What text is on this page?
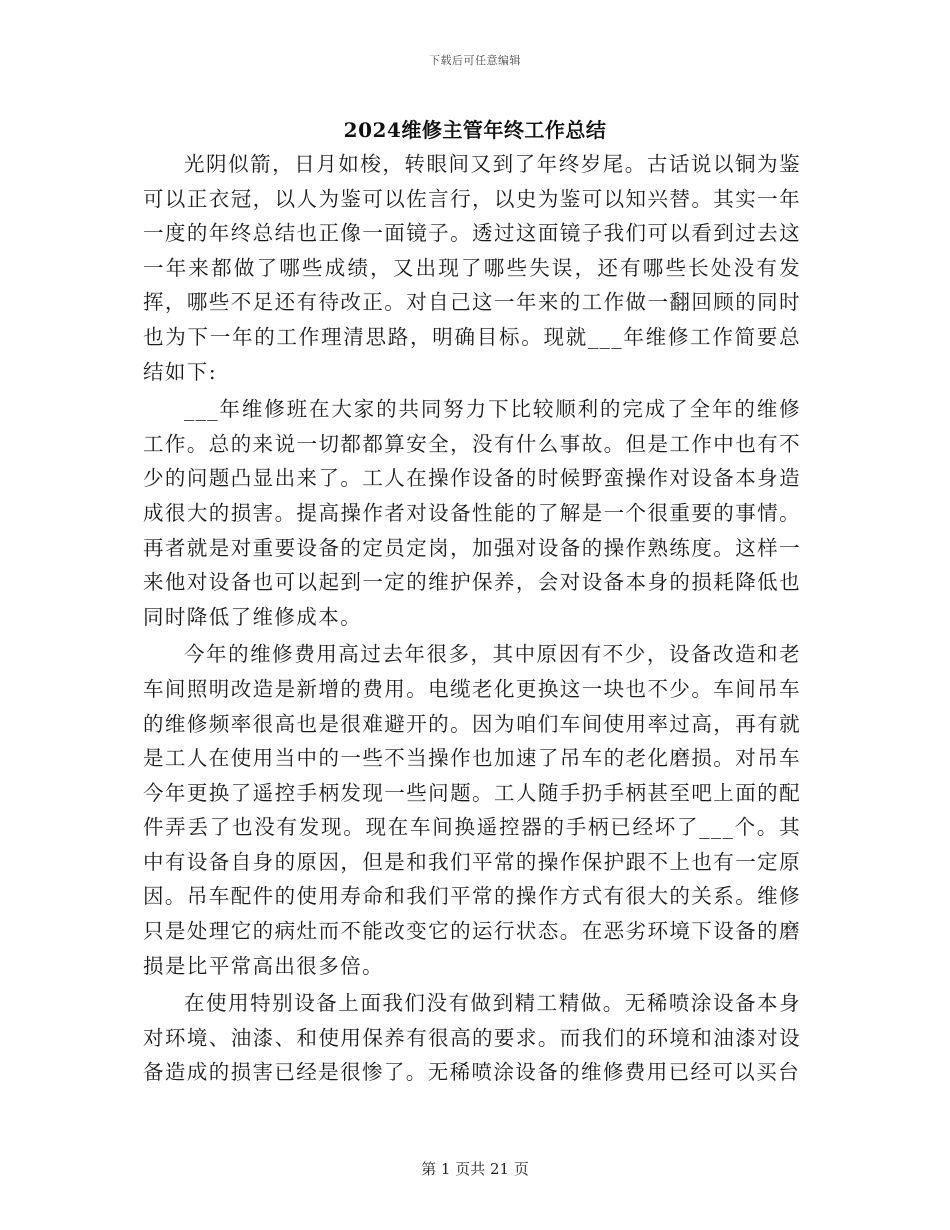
下载后可任意编辑
2024维修主管年终工作总结

光阴似箭，日月如梭，转眼间又到了年终岁尾。古话说以铜为鉴可以正衣冠，以人为鉴可以佐言行，以史为鉴可以知兴替。其实一年一度的年终总结也正像一面镜子。透过这面镜子我们可以看到过去这一年来都做了哪些成绩，又出现了哪些失误，还有哪些长处没有发挥，哪些不足还有待改正。对自己这一年来的工作做一翻回顾的同时也为下一年的工作理清思路，明确目标。现就___年维修工作简要总结如下:

___年维修班在大家的共同努力下比较顺利的完成了全年的维修工作。总的来说一切都都算安全，没有什么事故。但是工作中也有不少的问题凸显出来了。工人在操作设备的时候野蛮操作对设备本身造成很大的损害。提高操作者对设备性能的了解是一个很重要的事情。再者就是对重要设备的定员定岗，加强对设备的操作熟练度。这样一来他对设备也可以起到一定的维护保养，会对设备本身的损耗降低也同时降低了维修成本。

今年的维修费用高过去年很多，其中原因有不少，设备改造和老车间照明改造是新增的费用。电缆老化更换这一块也不少。车间吊车的维修频率很高也是很难避开的。因为咱们车间使用率过高，再有就是工人在使用当中的一些不当操作也加速了吊车的老化磨损。对吊车今年更换了遥控手柄发现一些问题。工人随手扔手柄甚至吧上面的配件弄丢了也没有发现。现在车间换遥控器的手柄已经坏了___个。其中有设备自身的原因，但是和我们平常的操作保护跟不上也有一定原因。吊车配件的使用寿命和我们平常的操作方式有很大的关系。维修只是处理它的病灶而不能改变它的运行状态。在恶劣环境下设备的磨损是比平常高出很多倍。

在使用特别设备上面我们没有做到精工精做。无稀喷涂设备本身对环境、油漆、和使用保养有很高的要求。而我们的环境和油漆对设备造成的损害已经是很惨了。无稀喷涂设备的维修费用已经可以买台

第 1 页共 21 页
